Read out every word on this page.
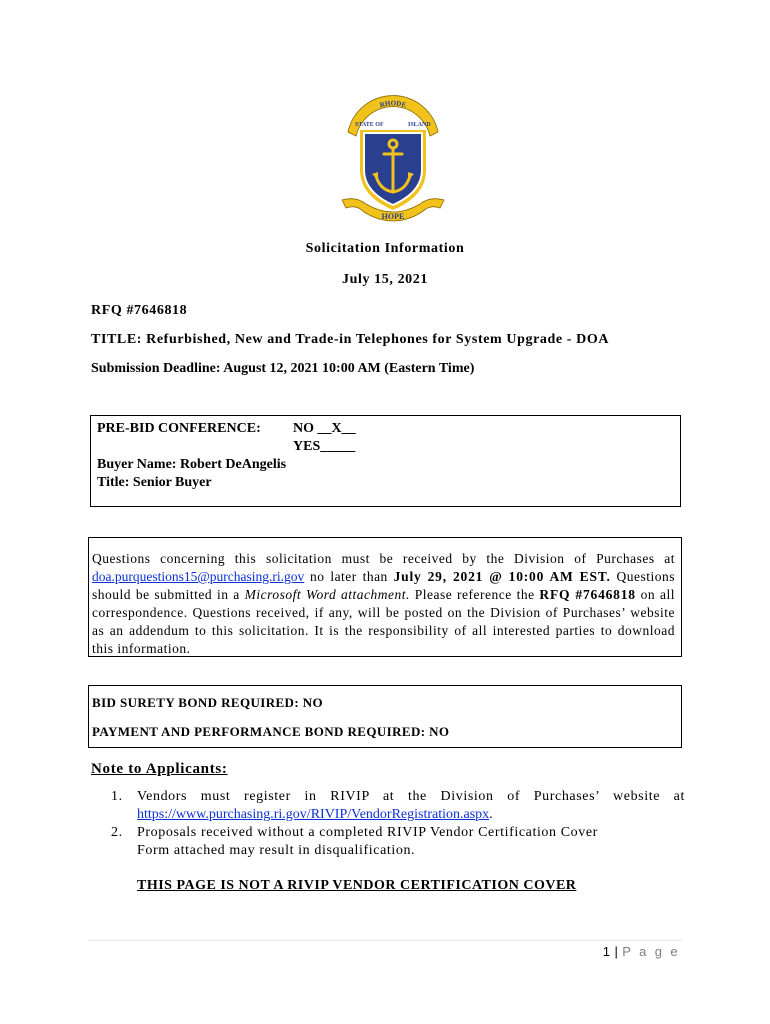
HOPE
RHODE
STATE OF	ISLAND
Solicitation Information
July 15, 2021
RFQ #7646818
TITLE: Refurbished, New and Trade-in Telephones for System Upgrade - DOA
Submission Deadline: August 12, 2021 10:00 AM (Eastern Time)
PRE-BID CONFERENCE: NO __X__
YES_____
Buyer Name: Robert DeAngelis
Title: Senior Buyer
Questions concerning this solicitation must be received by the Division of Purchases at doa.purquestions15@purchasing.ri.gov no later than July 29, 2021 @ 10:00 AM EST. Questions should be submitted in a Microsoft Word attachment. Please reference the RFQ #7646818 on all correspondence. Questions received, if any, will be posted on the Division of Purchases’ website as an addendum to this solicitation. It is the responsibility of all interested parties to download this information.
BID SURETY BOND REQUIRED: NO
PAYMENT AND PERFORMANCE BOND REQUIRED: NO
Note to Applicants:
1. Vendors must register in RIVIP at the Division of Purchases’ website at
https://www.purchasing.ri.gov/RIVIP/VendorRegistration.aspx.
2. Proposals received without a completed RIVIP Vendor Certification Cover
Form attached may result in disqualification.
THIS PAGE IS NOT A RIVIP VENDOR CERTIFICATION COVER
1 | P a g e
